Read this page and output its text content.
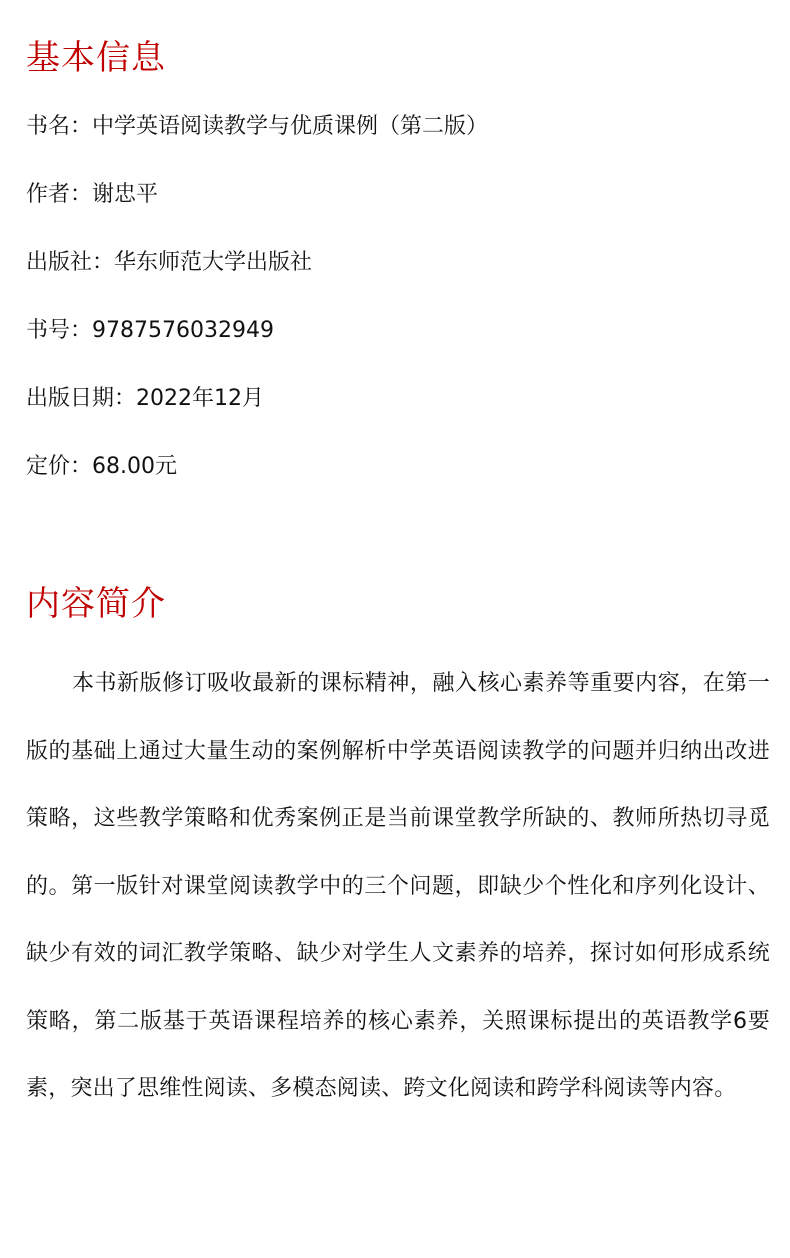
基本信息
书名：中学英语阅读教学与优质课例（第二版）
作者：谢忠平
出版社：华东师范大学出版社
书号：9787576032949
出版日期：2022年12月
定价：68.00元
内容简介

本书新版修订吸收最新的课标精神，融入核心素养等重要内容，在第一版的基础上通过大量生动的案例解析中学英语阅读教学的问题并归纳出改进策略，这些教学策略和优秀案例正是当前课堂教学所缺的、教师所热切寻觅的。第一版针对课堂阅读教学中的三个问题，即缺少个性化和序列化设计、缺少有效的词汇教学策略、缺少对学生人文素养的培养，探讨如何形成系统策略，第二版基于英语课程培养的核心素养，关照课标提出的英语教学6要素，突出了思维性阅读、多模态阅读、跨文化阅读和跨学科阅读等内容。
